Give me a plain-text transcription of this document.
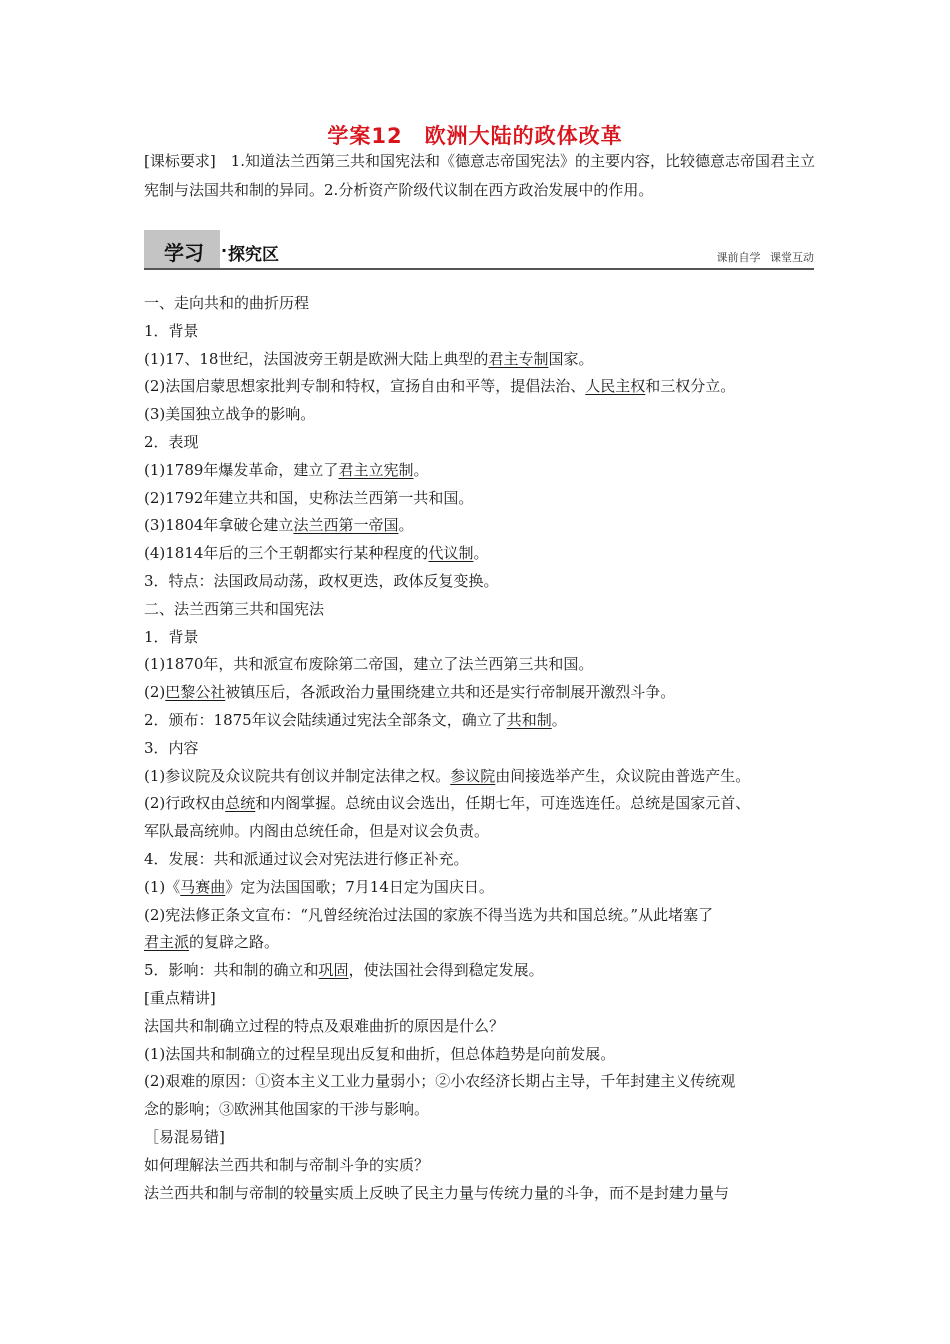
学案12　欧洲大陆的政体改革
[课标要求]　1.知道法兰西第三共和国宪法和《德意志帝国宪法》的主要内容，比较德意志帝国君主立宪制与法国共和制的异同。2.分析资产阶级代议制在西方政治发展中的作用。
学习 · 探究区	课前自学 课堂互动
一、走向共和的曲折历程
1．背景
(1)17、18世纪，法国波旁王朝是欧洲大陆上典型的君主专制国家。
(2)法国启蒙思想家批判专制和特权，宣扬自由和平等，提倡法治、人民主权和三权分立。
(3)美国独立战争的影响。
2．表现
(1)1789年爆发革命，建立了君主立宪制。
(2)1792年建立共和国，史称法兰西第一共和国。
(3)1804年拿破仑建立法兰西第一帝国。
(4)1814年后的三个王朝都实行某种程度的代议制。
3．特点：法国政局动荡，政权更迭，政体反复变换。
二、法兰西第三共和国宪法
1．背景
(1)1870年，共和派宣布废除第二帝国，建立了法兰西第三共和国。
(2)巴黎公社被镇压后，各派政治力量围绕建立共和还是实行帝制展开激烈斗争。
2．颁布：1875年议会陆续通过宪法全部条文，确立了共和制。
3．内容
(1)参议院及众议院共有创议并制定法律之权。参议院由间接选举产生，众议院由普选产生。
(2)行政权由总统和内阁掌握。总统由议会选出，任期七年，可连选连任。总统是国家元首、
军队最高统帅。内阁由总统任命，但是对议会负责。
4．发展：共和派通过议会对宪法进行修正补充。
(1)《马赛曲》定为法国国歌；7月14日定为国庆日。
(2)宪法修正条文宣布：“凡曾经统治过法国的家族不得当选为共和国总统。”从此堵塞了
君主派的复辟之路。
5．影响：共和制的确立和巩固，使法国社会得到稳定发展。
[重点精讲]
法国共和制确立过程的特点及艰难曲折的原因是什么？
(1)法国共和制确立的过程呈现出反复和曲折，但总体趋势是向前发展。
(2)艰难的原因：①资本主义工业力量弱小；②小农经济长期占主导，千年封建主义传统观
念的影响；③欧洲其他国家的干涉与影响。
［易混易错]
如何理解法兰西共和制与帝制斗争的实质？
法兰西共和制与帝制的较量实质上反映了民主力量与传统力量的斗争，而不是封建力量与
